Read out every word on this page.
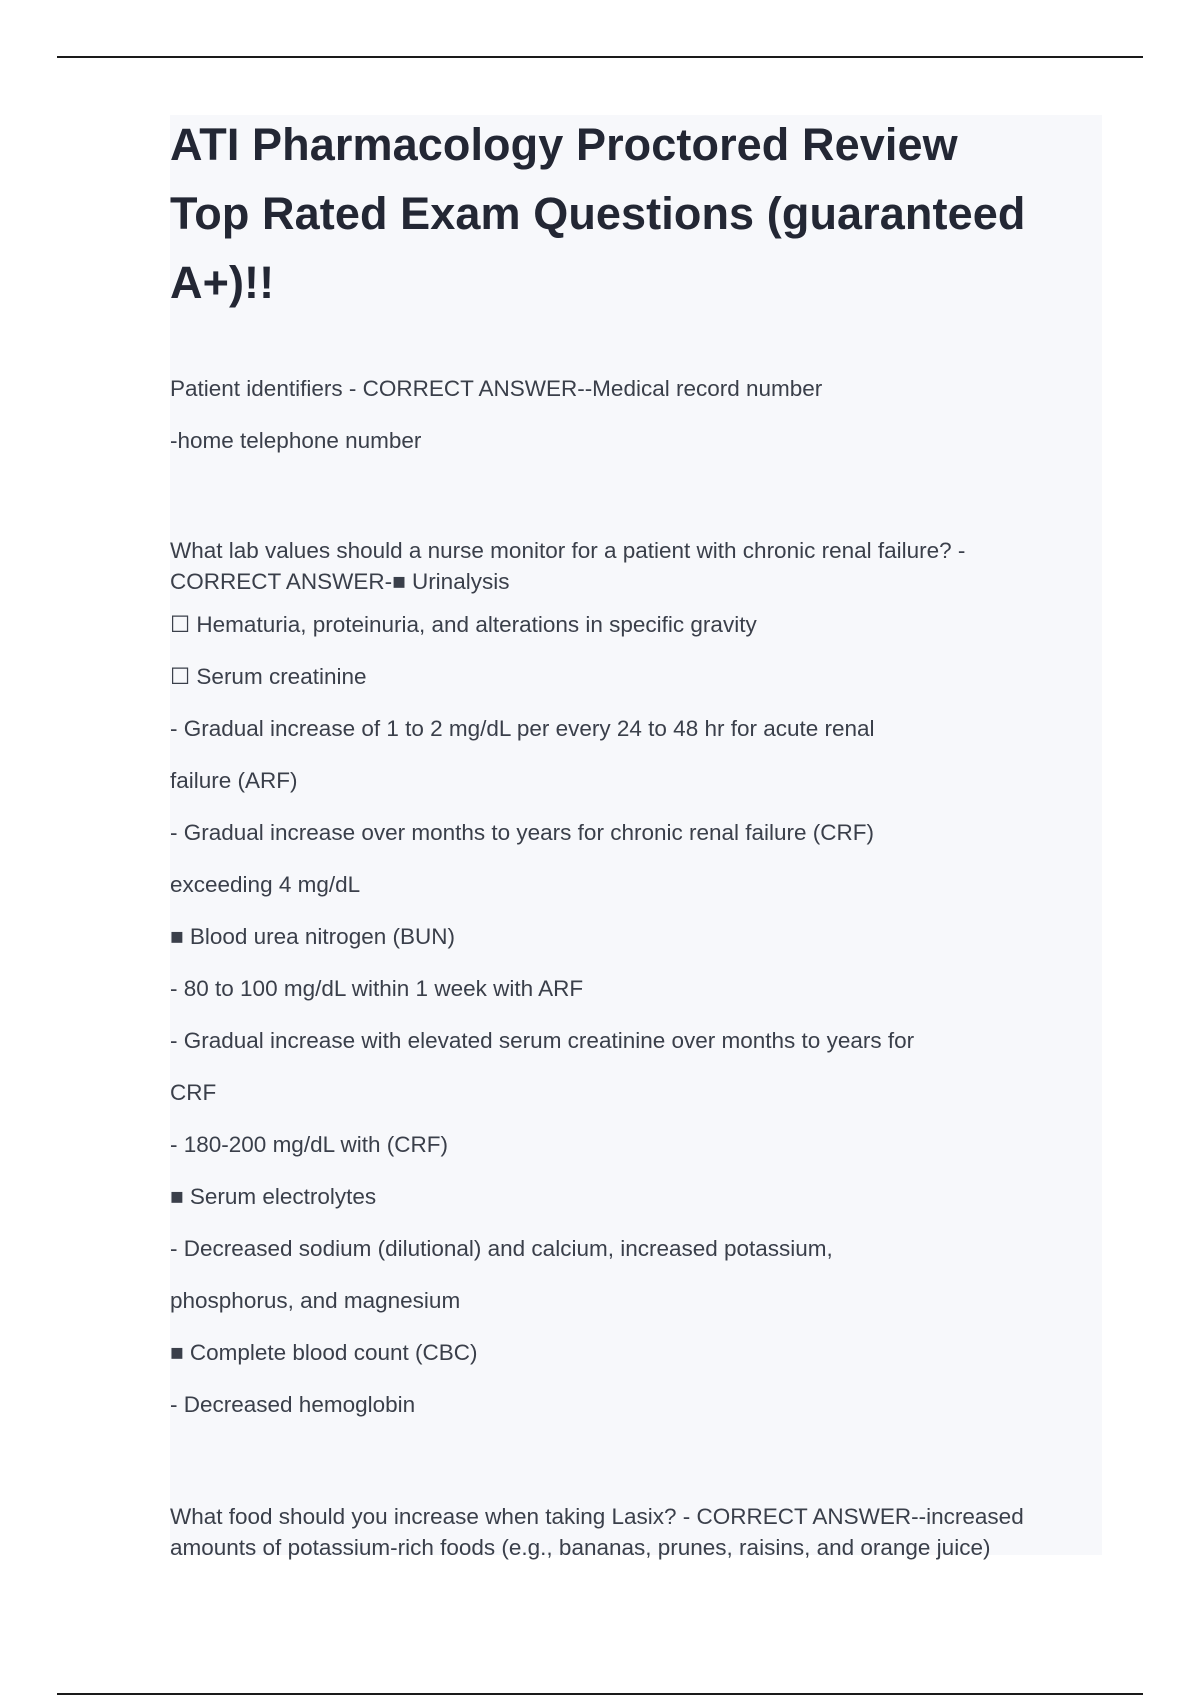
ATI Pharmacology Proctored Review
Top Rated Exam Questions (guaranteed
A+)!!
Patient identifiers - CORRECT ANSWER--Medical record number
-home telephone number
What lab values should a nurse monitor for a patient with chronic renal failure? -
CORRECT ANSWER-■ Urinalysis
☐ Hematuria, proteinuria, and alterations in specific gravity
☐ Serum creatinine
- Gradual increase of 1 to 2 mg/dL per every 24 to 48 hr for acute renal
failure (ARF)
- Gradual increase over months to years for chronic renal failure (CRF)
exceeding 4 mg/dL
■ Blood urea nitrogen (BUN)
- 80 to 100 mg/dL within 1 week with ARF
- Gradual increase with elevated serum creatinine over months to years for
CRF
- 180-200 mg/dL with (CRF)
■ Serum electrolytes
- Decreased sodium (dilutional) and calcium, increased potassium,
phosphorus, and magnesium
■ Complete blood count (CBC)
- Decreased hemoglobin
What food should you increase when taking Lasix? - CORRECT ANSWER--increased
amounts of potassium-rich foods (e.g., bananas, prunes, raisins, and orange juice)
